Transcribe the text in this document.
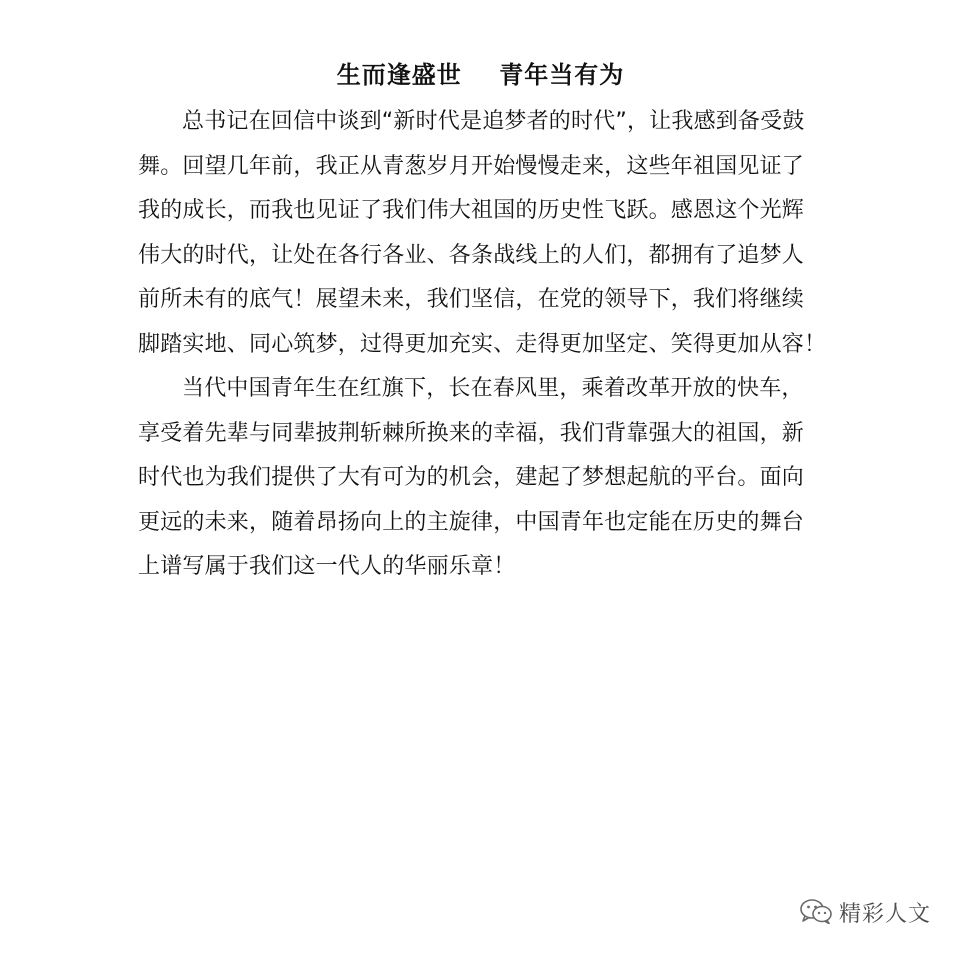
生而逢盛世    青年当有为
总书记在回信中谈到“新时代是追梦者的时代”，让我感到备受鼓
舞。回望几年前，我正从青葱岁月开始慢慢走来，这些年祖国见证了
我的成长，而我也见证了我们伟大祖国的历史性飞跃。感恩这个光辉
伟大的时代，让处在各行各业、各条战线上的人们，都拥有了追梦人
前所未有的底气！展望未来，我们坚信，在党的领导下，我们将继续
脚踏实地、同心筑梦，过得更加充实、走得更加坚定、笑得更加从容！
当代中国青年生在红旗下，长在春风里，乘着改革开放的快车，
享受着先辈与同辈披荆斩棘所换来的幸福，我们背靠强大的祖国，新
时代也为我们提供了大有可为的机会，建起了梦想起航的平台。面向
更远的未来，随着昂扬向上的主旋律，中国青年也定能在历史的舞台
上谱写属于我们这一代人的华丽乐章！
精彩人文
